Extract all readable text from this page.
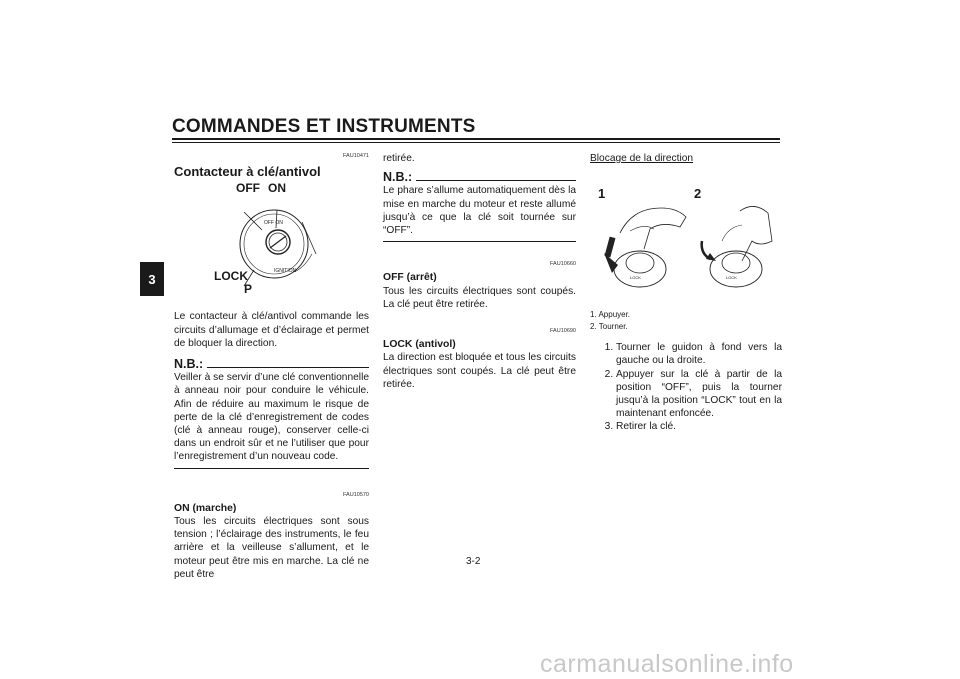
COMMANDES ET INSTRUMENTS
3
FAU10471
Contacteur à clé/antivol
OFF ON
IGNITION
OFF ON
LOCK
P

Le contacteur à clé/antivol commande les circuits d’allumage et d’éclairage et permet de bloquer la direction.

N.B.:

Veiller à se servir d’une clé conventionnelle à anneau noir pour conduire le véhicule. Afin de réduire au maximum le risque de perte de la clé d’enregistrement de codes (clé à anneau rouge), conserver celle-ci dans un endroit sûr et ne l’utiliser que pour l’enregistrement d’un nouveau code.

FAU10570
ON (marche)

Tous les circuits électriques sont sous tension ; l’éclairage des instruments, le feu arrière et la veilleuse s’allument, et le moteur peut être mis en marche. La clé ne peut être

retirée.

N.B.:

Le phare s’allume automatiquement dès la mise en marche du moteur et reste allumé jusqu’à ce que la clé soit tournée sur “OFF”.

FAU10660
OFF (arrêt)

Tous les circuits électriques sont coupés. La clé peut être retirée.

FAU10690
LOCK (antivol)

La direction est bloquée et tous les circuits électriques sont coupés. La clé peut être retirée.

Blocage de la direction
1	2
LOCK	LOCK
1. Appuyer.
2. Tourner.
1. Tourner le guidon à fond vers la gauche ou la droite.
2. Appuyer sur la clé à partir de la position “OFF”, puis la tourner jusqu’à la position “LOCK” tout en la maintenant enfoncée.
3. Retirer la clé.
3-2
carmanualsonline.info
